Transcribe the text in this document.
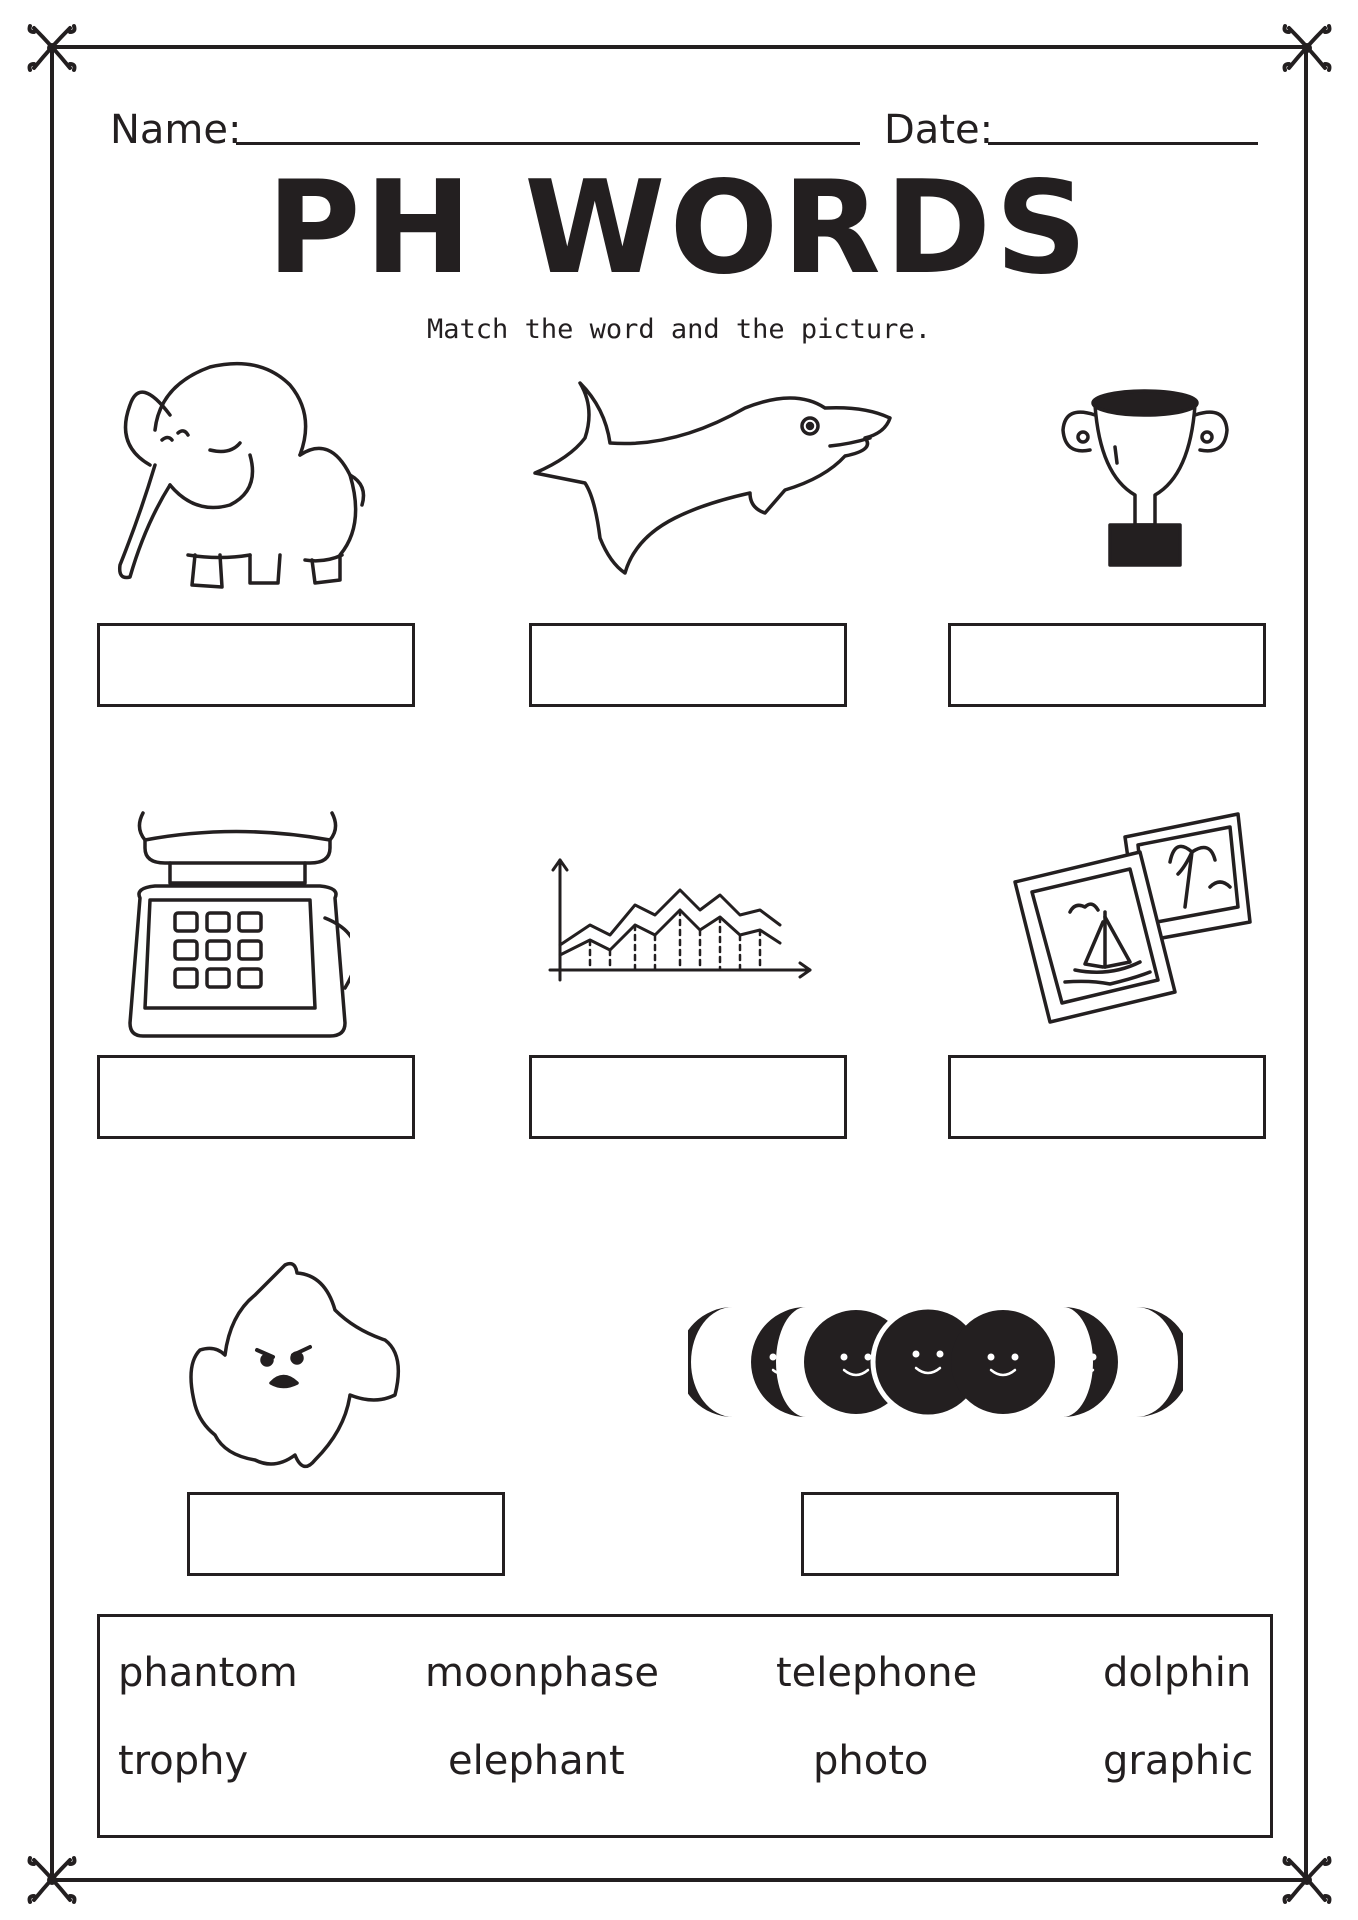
Name:	Date:
PH WORDS
Match the word and the picture.
phantom	moonphase	telephone	dolphin
trophy	elephant	photo	graphic
